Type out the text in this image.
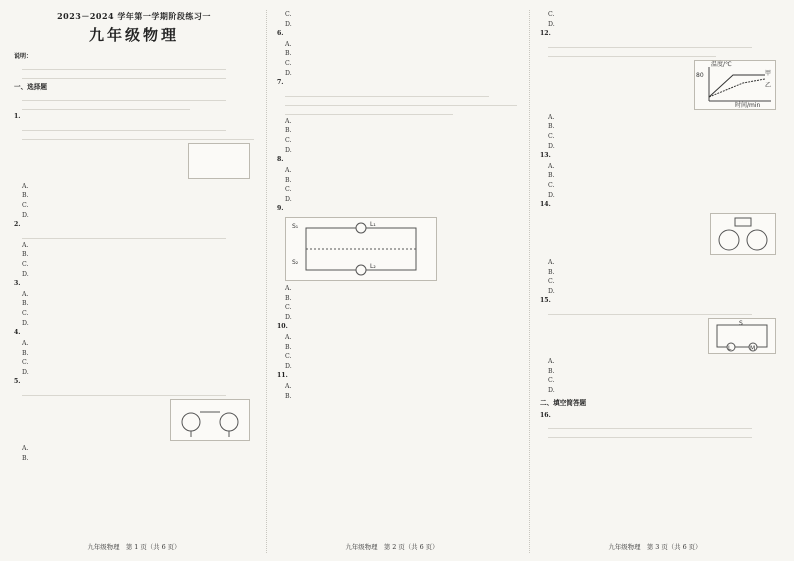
2023－2024 学年第一学期阶段练习一
九年级物理
说明：
一、选择题
1.
A.
B.
C.
D.
2.
A.
B.
C.
D.
3.
A.
B.
C.
D.
4.
A.
B.
C.
D.
5.
A.
B.
九年级物理　第 1 页（共 6 页）
C.
D.
6.
A.
B.
C.
D.
7.
A.
B.
C.
D.
8.
A.
B.
C.
D.
9.
S₁
S₂
L₁
L₂
A.
B.
C.
D.
10.
A.
B.
C.
D.
11.
A.
B.
九年级物理　第 2 页（共 6 页）
C.
D.
12.
温度/℃
80	甲
乙
时间/min
A.
B.
C.
D.
13.
A.
B.
C.
D.
14.
A.
B.
C.
D.
15.
S
L	M
A.
B.
C.
D.
二、填空简答题
16.
九年级物理　第 3 页（共 6 页）
